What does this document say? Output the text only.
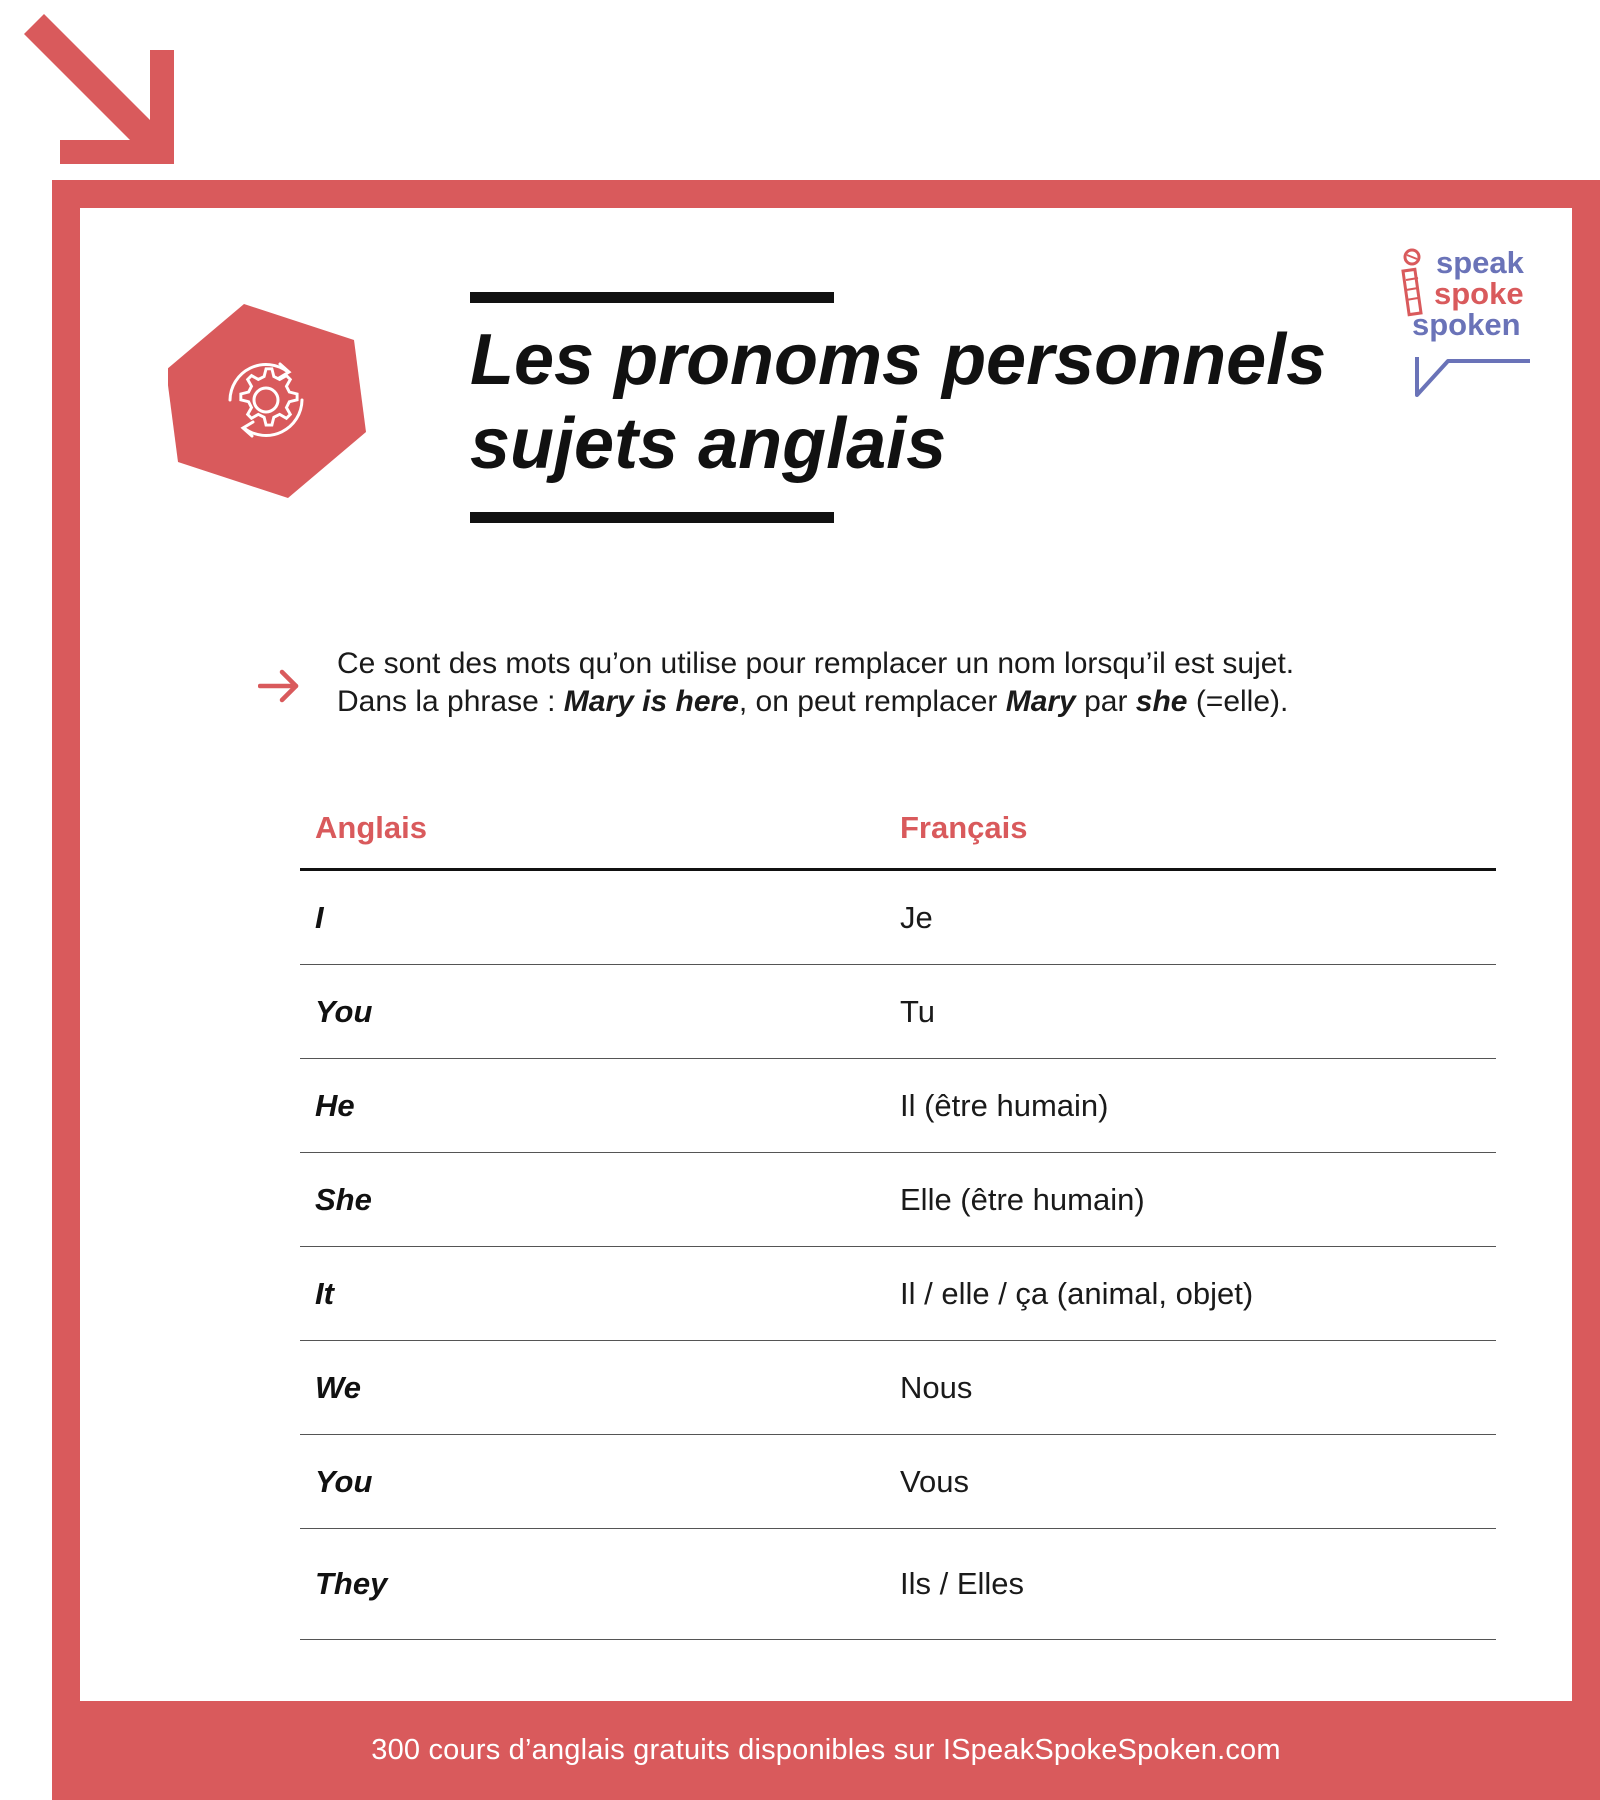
Les pronoms personnels
sujets anglais
speak
spoke
spoken

Ce sont des mots qu’on utilise pour remplacer un nom lorsqu’il est sujet.

Dans la phrase : Mary is here, on peut remplacer Mary par she (=elle).

Anglais	Français
I	Je
You	Tu
He	Il (être humain)
She	Elle (être humain)
It	Il / elle / ça (animal, objet)
We	Nous
You	Vous
They	Ils / Elles
300 cours d’anglais gratuits disponibles sur ISpeakSpokeSpoken.com
